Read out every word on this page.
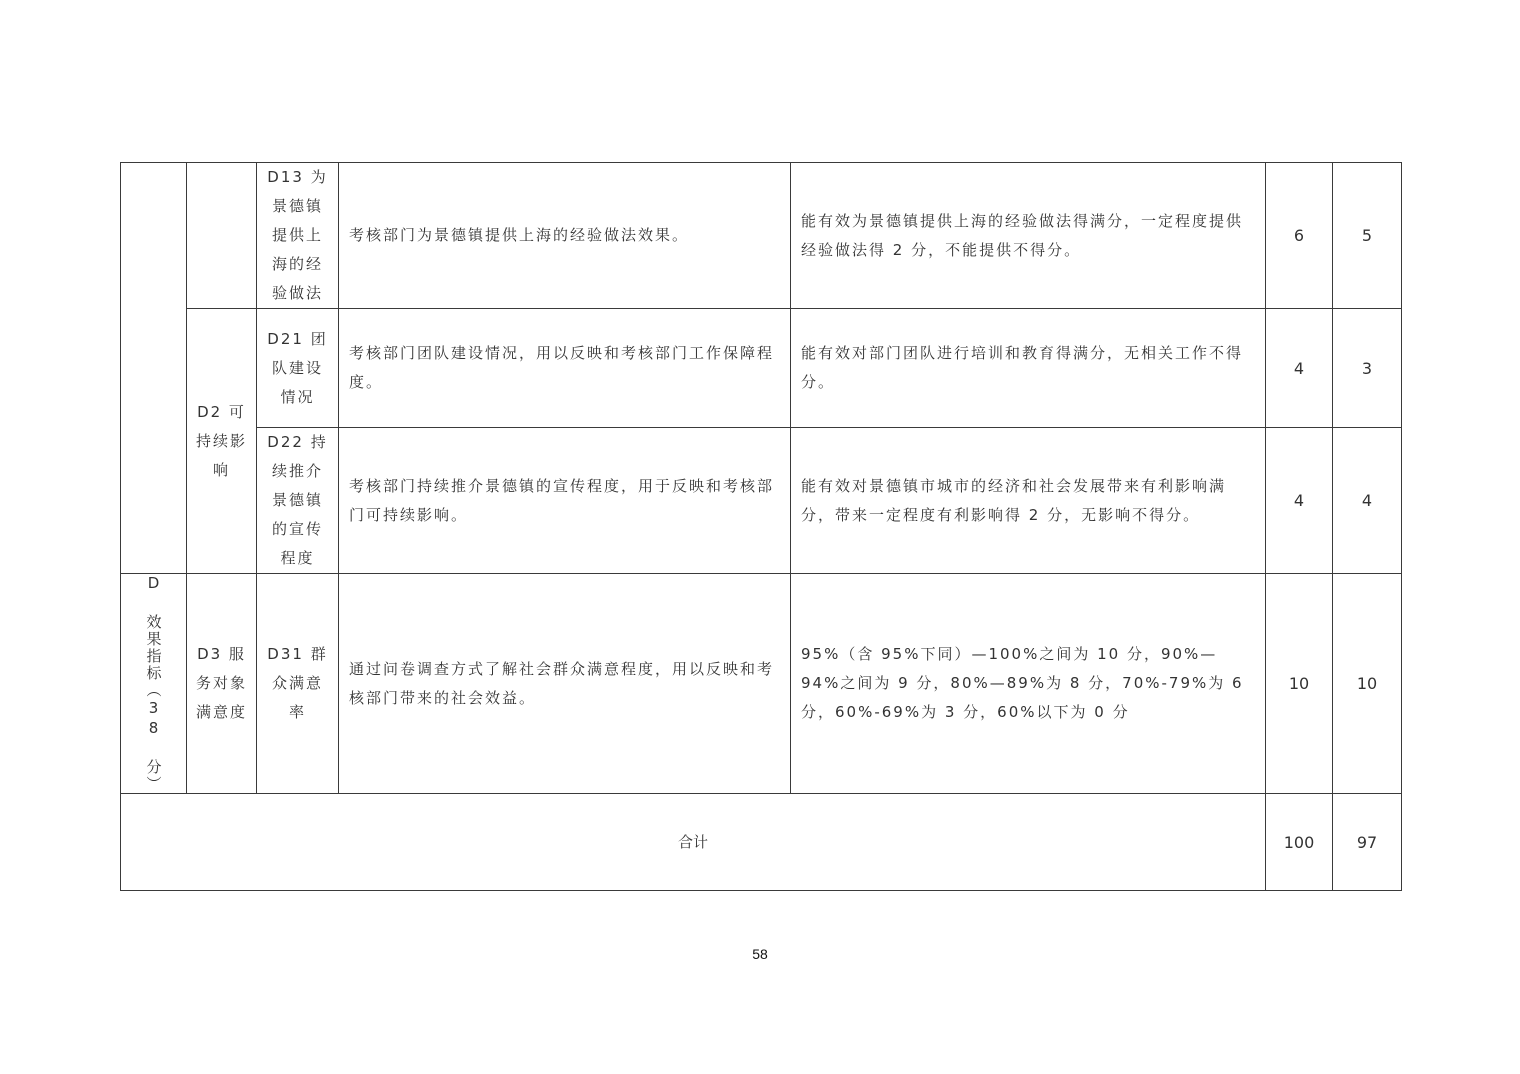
		D13 为景德镇提供上海的经验做法	考核部门为景德镇提供上海的经验做法效果。	能有效为景德镇提供上海的经验做法得满分，一定程度提供经验做法得 2 分，不能提供不得分。	6	5
	D2 可持续影响	D21 团队建设情况	考核部门团队建设情况，用以反映和考核部门工作保障程度。	能有效对部门团队进行培训和教育得满分，无相关工作不得分。	4	3
		D22 持续推介景德镇的宣传程度	考核部门持续推介景德镇的宣传程度，用于反映和考核部门可持续影响。	能有效对景德镇市城市的经济和社会发展带来有利影响满分，带来一定程度有利影响得 2 分，无影响不得分。	4	4

D 效果指标（38 分）	D3 服务对象满意度	D31 群众满意率	通过问卷调查方式了解社会群众满意程度，用以反映和考核部门带来的社会效益。	95%（含 95%下同）—100%之间为 10 分，90%—94%之间为 9 分，80%—89%为 8 分，70%-79%为 6 分，60%-69%为 3 分，60%以下为 0 分	10	10
合计					100	97
58
